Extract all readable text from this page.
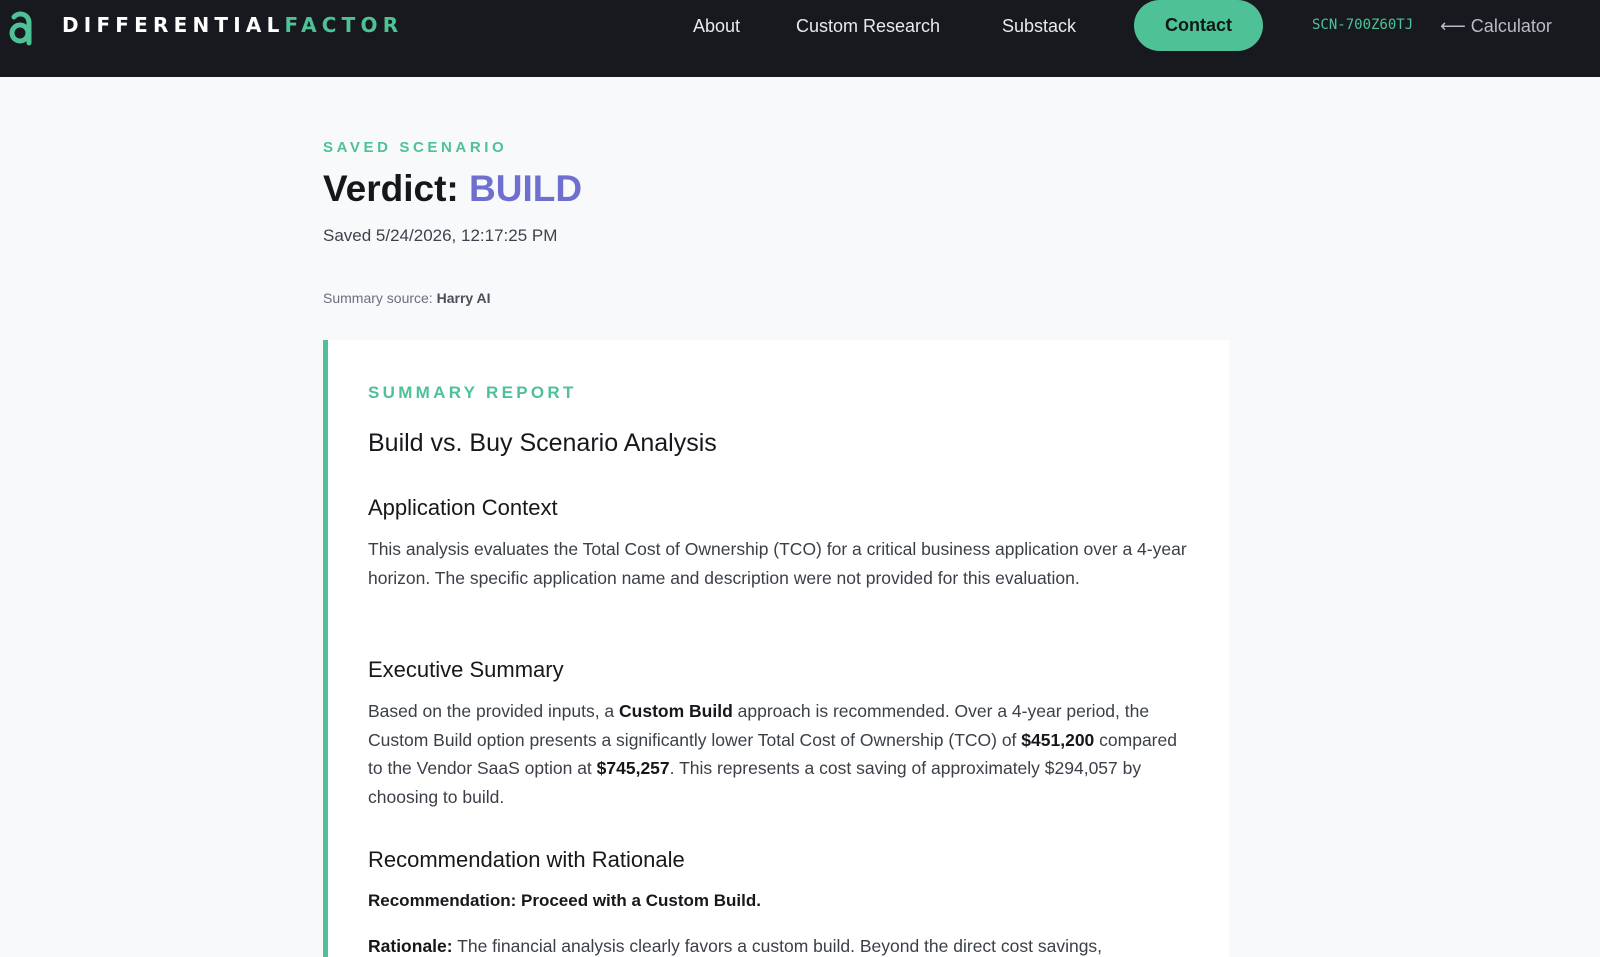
DIFFERENTIALFACTOR	About	Custom Research	Substack	Contact	SCN-700Z60TJ ⟵ Calculator
SAVED SCENARIO
Verdict: BUILD
Saved 5/24/2026, 12:17:25 PM
Summary source: Harry AI
SUMMARY REPORT
Build vs. Buy Scenario Analysis
Application Context

This analysis evaluates the Total Cost of Ownership (TCO) for a critical business application over a 4-year horizon. The specific application name and description were not provided for this evaluation.

Executive Summary

Based on the provided inputs, a Custom Build approach is recommended. Over a 4-year period, the Custom Build option presents a significantly lower Total Cost of Ownership (TCO) of $451,200 compared to the Vendor SaaS option at $745,257. This represents a cost saving of approximately $294,057 by choosing to build.

Recommendation with Rationale

Recommendation: Proceed with a Custom Build.

Rationale: The financial analysis clearly favors a custom build. Beyond the direct cost savings,
